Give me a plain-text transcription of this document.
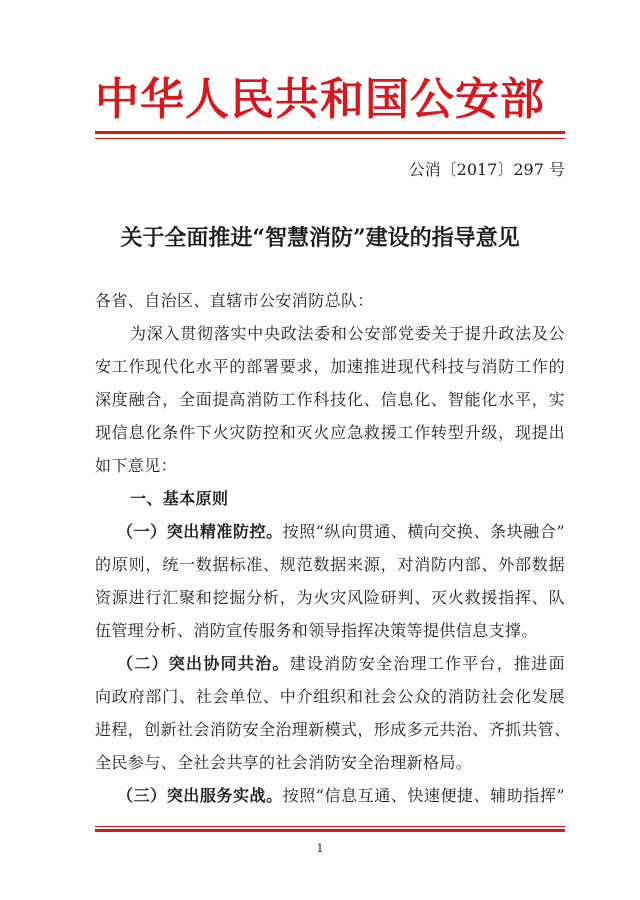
中华人民共和国公安部
公消〔2017〕297 号
关于全面推进“智慧消防”建设的指导意见
各省、自治区、直辖市公安消防总队：
为深入贯彻落实中央政法委和公安部党委关于提升政法及公
安工作现代化水平的部署要求，加速推进现代科技与消防工作的
深度融合，全面提高消防工作科技化、信息化、智能化水平，实
现信息化条件下火灾防控和灭火应急救援工作转型升级，现提出
如下意见：
一、基本原则
（一）突出精准防控。按照“纵向贯通、横向交换、条块融合”
的原则，统一数据标准、规范数据来源，对消防内部、外部数据
资源进行汇聚和挖掘分析，为火灾风险研判、灭火救援指挥、队
伍管理分析、消防宣传服务和领导指挥决策等提供信息支撑。
（二）突出协同共治。建设消防安全治理工作平台，推进面
向政府部门、社会单位、中介组织和社会公众的消防社会化发展
进程，创新社会消防安全治理新模式，形成多元共治、齐抓共管、
全民参与、全社会共享的社会消防安全治理新格局。
（三）突出服务实战。按照“信息互通、快速便捷、辅助指挥”
1
